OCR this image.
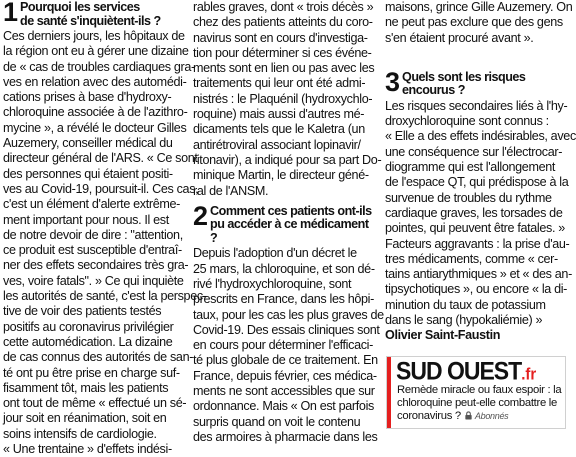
1 Pourquoi les services
de santé s'inquiètent-ils ?
Ces derniers jours, les hôpitaux de
la région ont eu à gérer une dizaine
de « cas de troubles cardiaques gra-
ves en relation avec des automédi-
cations prises à base d'hydroxy-
chloroquine associée à de l'azithro-
mycine », a révélé le docteur Gilles
Auzemery, conseiller médical du
directeur général de l'ARS. « Ce sont
des personnes qui étaient positi-
ves au Covid-19, poursuit-il. Ces cas,
c'est un élément d'alerte extrême-
ment important pour nous. Il est
de notre devoir de dire : "attention,
ce produit est susceptible d'entraî-
ner des effets secondaires très gra-
ves, voire fatals". » Ce qui inquiète
les autorités de santé, c'est la perspec-
tive de voir des patients testés
positifs au coronavirus privilégier
cette automédication. La dizaine
de cas connus des autorités de san-
té ont pu être prise en charge suf-
fisamment tôt, mais les patients
ont tout de même « effectué un sé-
jour soit en réanimation, soit en
soins intensifs de cardiologie.
« Une trentaine » d'effets indési-
rables graves, dont « trois décès »
chez des patients atteints du coro-
navirus sont en cours d'investiga-
tion pour déterminer si ces événe-
ments sont en lien ou pas avec les
traitements qui leur ont été admi-
nistrés : le Plaquénil (hydroxychlo-
roquine) mais aussi d'autres mé-
dicaments tels que le Kaletra (un
antirétroviral associant lopinavir/
ritonavir), a indiqué pour sa part Do-
minique Martin, le directeur géné-
ral de l'ANSM.
2 Comment ces patients ont-ils
pu accéder à ce médicament ?
Depuis l'adoption d'un décret le
25 mars, la chloroquine, et son dé-
rivé l'hydroxychloroquine, sont
prescrits en France, dans les hôpi-
taux, pour les cas les plus graves de
Covid-19. Des essais cliniques sont
en cours pour déterminer l'efficaci-
té plus globale de ce traitement. En
France, depuis février, ces médica-
ments ne sont accessibles que sur
ordonnance. Mais « On est parfois
surpris quand on voit le contenu
des armoires à pharmacie dans les
maisons, grince Gille Auzemery. On
ne peut pas exclure que des gens
s'en étaient procuré avant ».
3 Quels sont les risques
encourus ?
Les risques secondaires liés à l'hy-
droxychloroquine sont connus :
« Elle a des effets indésirables, avec
une conséquence sur l'électrocar-
diogramme qui est l'allongement
de l'espace QT, qui prédispose à la
survenue de troubles du rythme
cardiaque graves, les torsades de
pointes, qui peuvent être fatales. »
Facteurs aggravants : la prise d'au-
tres médicaments, comme « cer-
tains antiarythmiques » et « des an-
tipsychotiques », ou encore « la di-
minution du taux de potassium
dans le sang (hypokaliémie) »
Olivier Saint-Faustin
SUD OUEST.fr
Remède miracle ou faux espoir : la
chloroquine peut-elle combattre le
coronavirus ? Abonnés
